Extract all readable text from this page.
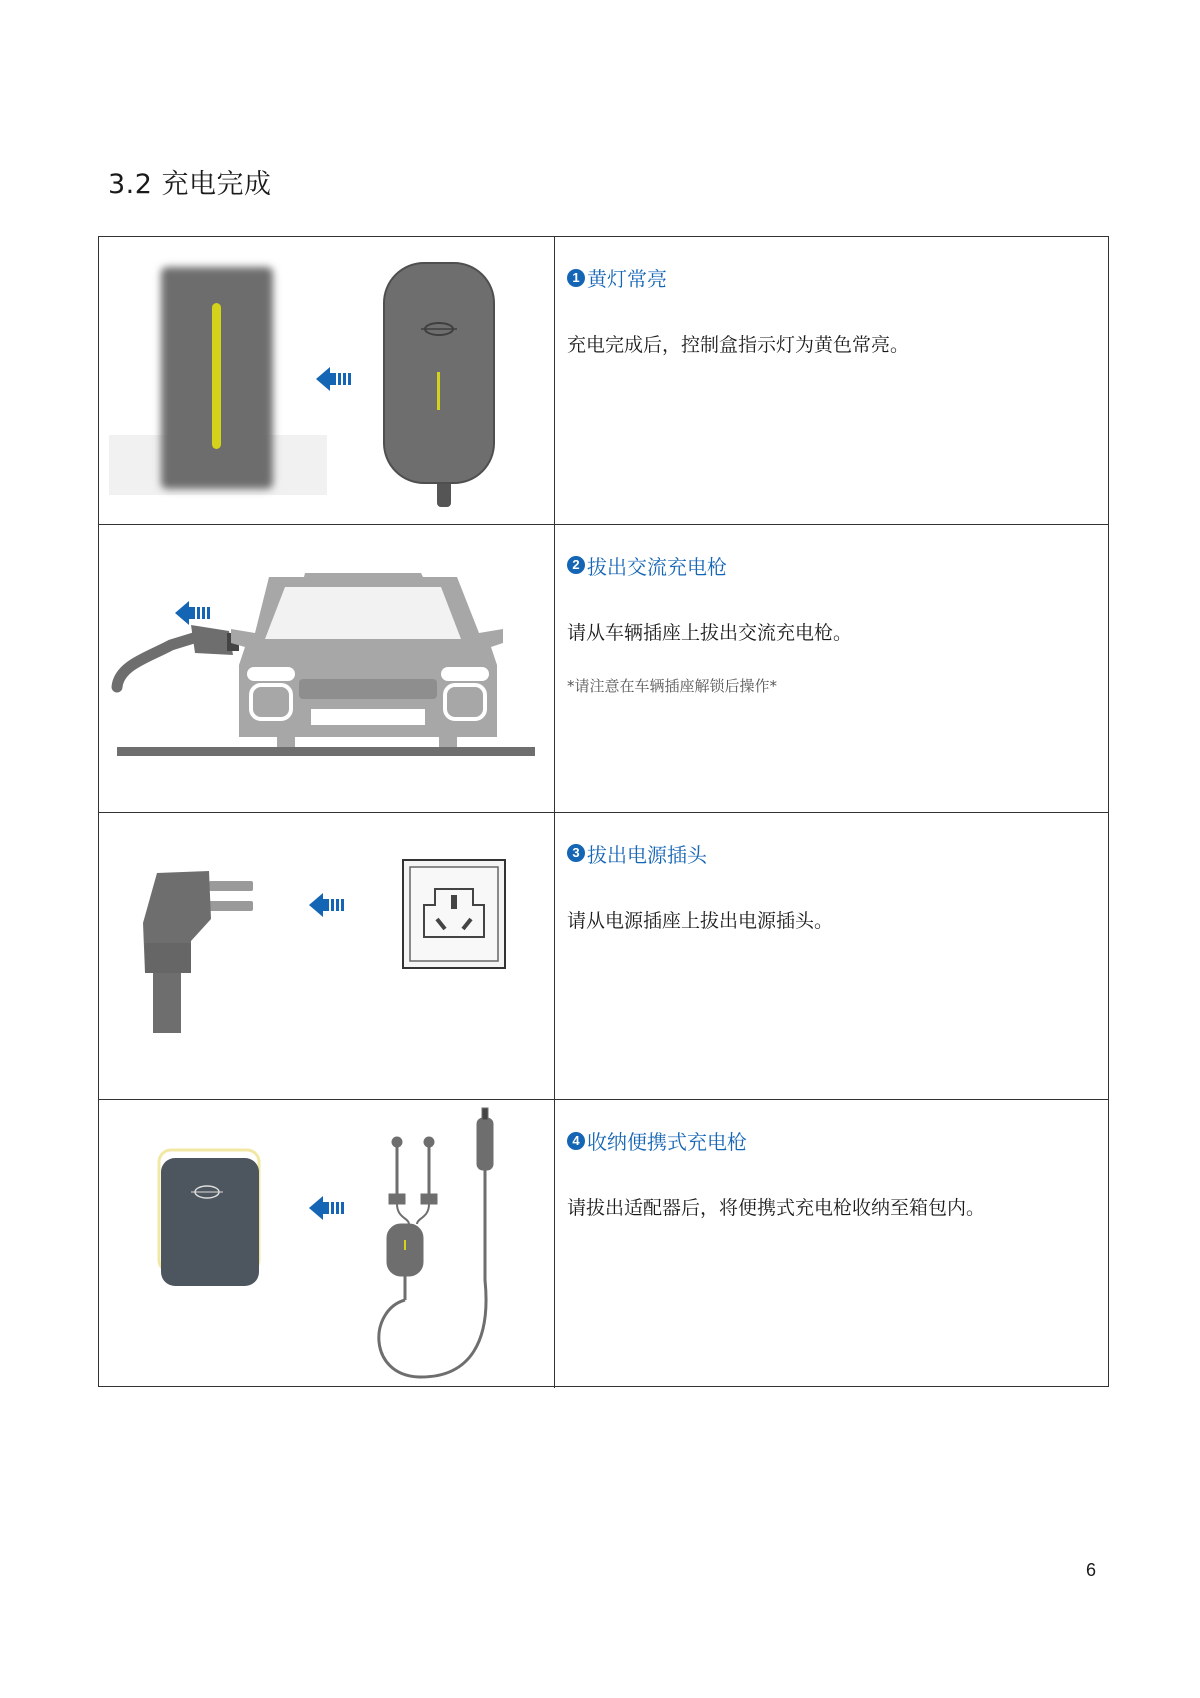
3.2 充电完成
1 黄灯常亮

充电完成后，控制盒指示灯为黄色常亮。

2 拔出交流充电枪

请从车辆插座上拔出交流充电枪。

*请注意在车辆插座解锁后操作*

3 拔出电源插头

请从电源插座上拔出电源插头。

4 收纳便携式充电枪

请拔出适配器后，将便携式充电枪收纳至箱包内。

6
